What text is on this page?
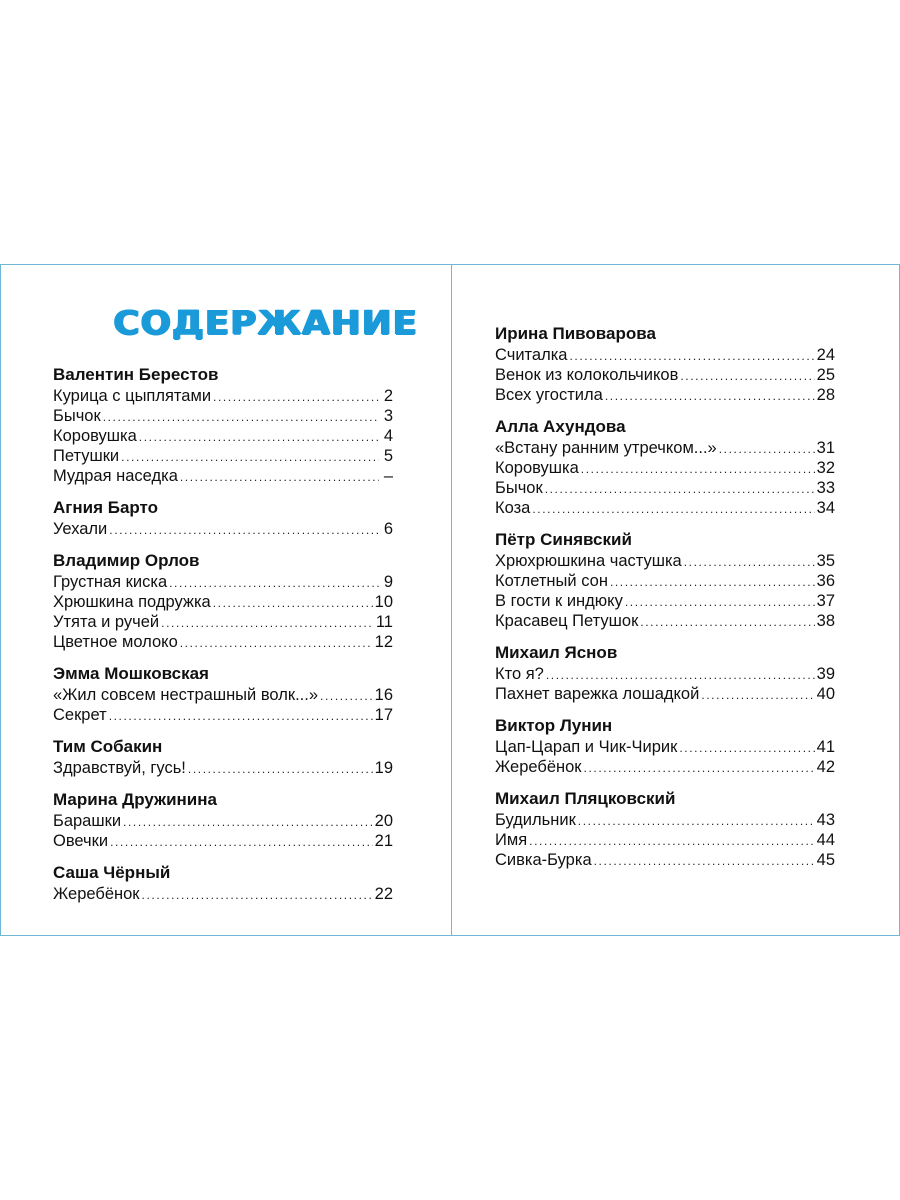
СОДЕРЖАНИЕ
Валентин Берестов
Курица с цыплятами .....	2
Бычок .....	3
Коровушка .....	4
Петушки .....	5
Мудрая наседка .....	–
Агния Барто
Уехали .....	6
Владимир Орлов
Грустная киска .....	9
Хрюшкина подружка .....	10
Утята и ручей .....	11
Цветное молоко .....	12
Эмма Мошковская
«Жил совсем нестрашный волк...» .....	16
Секрет .....	17
Тим Собакин
Здравствуй, гусь! .....	19
Марина Дружинина
Барашки .....	20
Овечки .....	21
Саша Чёрный
Жеребёнок .....	22
Ирина Пивоварова
Считалка .....	24
Венок из колокольчиков .....	25
Всех угостила .....	28
Алла Ахундова
«Встану ранним утречком...» .....	31
Коровушка .....	32
Бычок .....	33
Коза .....	34
Пётр Синявский
Хрюхрюшкина частушка .....	35
Котлетный сон .....	36
В гости к индюку .....	37
Красавец Петушок .....	38
Михаил Яснов
Кто я? .....	39
Пахнет варежка лошадкой .....	40
Виктор Лунин
Цап-Царап и Чик-Чирик .....	41
Жеребёнок .....	42
Михаил Пляцковский
Будильник .....	43
Имя .....	44
Сивка-Бурка .....	45
